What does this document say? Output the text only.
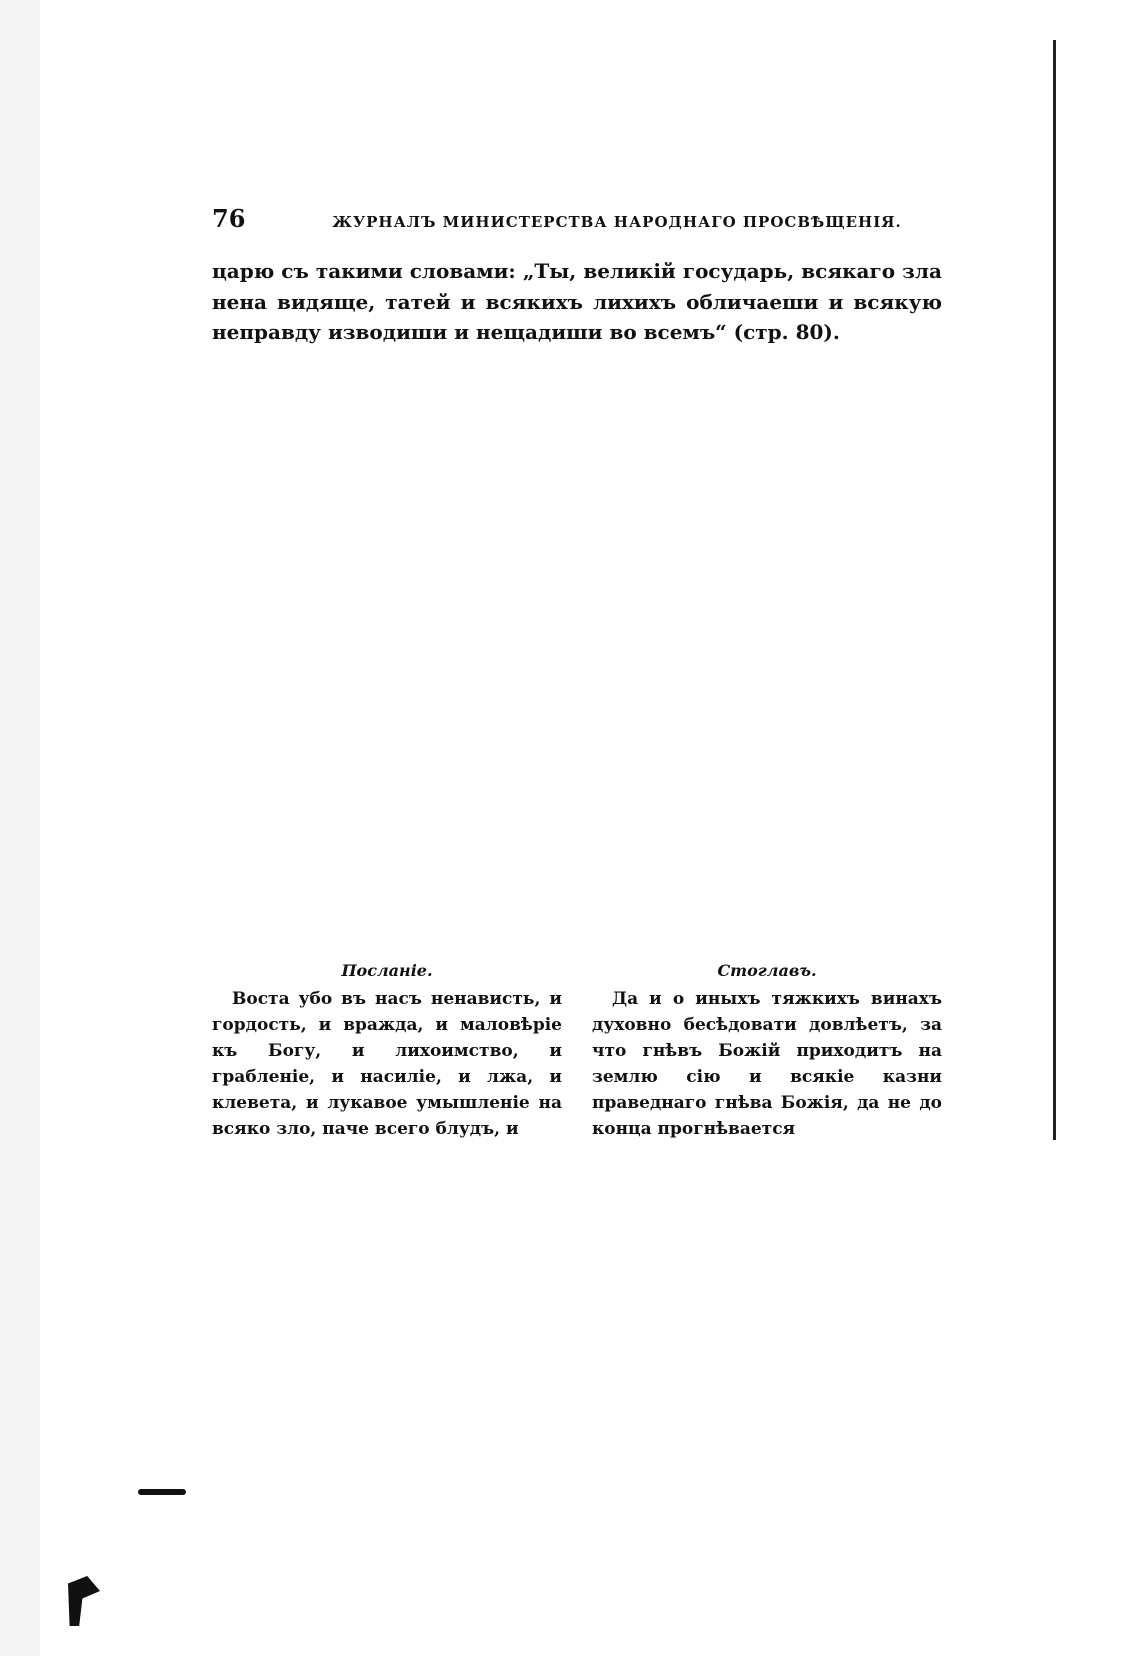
76	ЖУРНАЛЪ МИНИСТЕРСТВА НАРОДНАГО ПРОСВѢЩЕНІЯ.

царю съ такими словами: „Ты, великій государь, всякаго зла нена видяще, татей и всякихъ лихихъ обличаеши и всякую неправду изводиши и нещадиши во всемъ“ (стр. 80).

Посланіе.
Воста убо въ насъ ненависть, и гордость, и вражда, и маловѣріе къ Богу, и лихоимство, и грабленіе, и насиліе, и лжа, и клевета, и лукавое умышленіе на всяко зло, паче всего блудъ, и
Стоглавъ.
Да и о иныхъ тяжкихъ винахъ духовно бесѣдовати довлѣетъ, за что гнѣвъ Божій приходитъ на землю сію и всякіе казни праведнаго гнѣва Божія, да не до конца прогнѣвается
